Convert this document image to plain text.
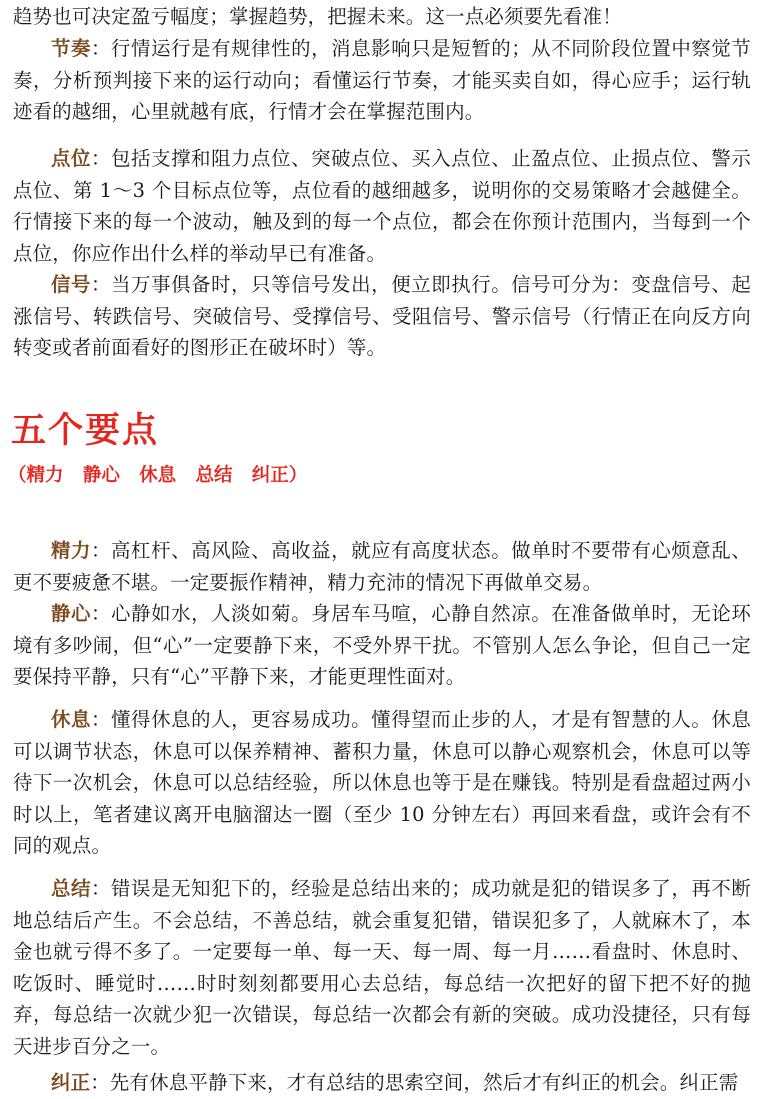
趋势也可决定盈亏幅度；掌握趋势，把握未来。这一点必须要先看准！

节奏：行情运行是有规律性的，消息影响只是短暂的；从不同阶段位置中察觉节奏，分析预判接下来的运行动向；看懂运行节奏，才能买卖自如，得心应手；运行轨迹看的越细，心里就越有底，行情才会在掌握范围内。

点位：包括支撑和阻力点位、突破点位、买入点位、止盈点位、止损点位、警示点位、第 1～3 个目标点位等，点位看的越细越多，说明你的交易策略才会越健全。行情接下来的每一个波动，触及到的每一个点位，都会在你预计范围内，当每到一个点位，你应作出什么样的举动早已有准备。

信号：当万事俱备时，只等信号发出，便立即执行。信号可分为：变盘信号、起涨信号、转跌信号、突破信号、受撑信号、受阻信号、警示信号（行情正在向反方向转变或者前面看好的图形正在破坏时）等。

五个要点

（精力   静心   休息   总结   纠正）

精力：高杠杆、高风险、高收益，就应有高度状态。做单时不要带有心烦意乱、更不要疲惫不堪。一定要振作精神，精力充沛的情况下再做单交易。

静心：心静如水，人淡如菊。身居车马喧，心静自然凉。在准备做单时，无论环境有多吵闹，但“心”一定要静下来，不受外界干扰。不管别人怎么争论，但自己一定要保持平静，只有“心”平静下来，才能更理性面对。

休息：懂得休息的人，更容易成功。懂得望而止步的人，才是有智慧的人。休息可以调节状态，休息可以保养精神、蓄积力量，休息可以静心观察机会，休息可以等待下一次机会，休息可以总结经验，所以休息也等于是在赚钱。特别是看盘超过两小时以上，笔者建议离开电脑溜达一圈（至少 10 分钟左右）再回来看盘，或许会有不同的观点。

总结：错误是无知犯下的，经验是总结出来的；成功就是犯的错误多了，再不断地总结后产生。不会总结，不善总结，就会重复犯错，错误犯多了，人就麻木了，本金也就亏得不多了。一定要每一单、每一天、每一周、每一月……看盘时、休息时、吃饭时、睡觉时……时时刻刻都要用心去总结，每总结一次把好的留下把不好的抛弃，每总结一次就少犯一次错误，每总结一次都会有新的突破。成功没捷径，只有每天进步百分之一。

纠正：先有休息平静下来，才有总结的思索空间，然后才有纠正的机会。纠正需
